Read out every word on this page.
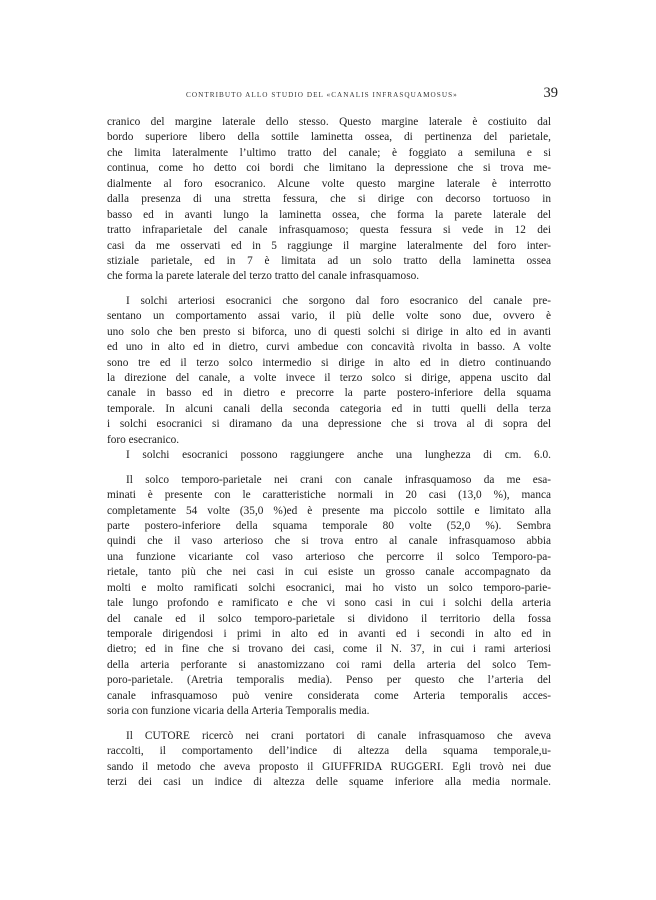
CONTRIBUTO ALLO STUDIO DEL «CANALIS INFRASQUAMOSUS»	39
cranico del margine laterale dello stesso. Questo margine laterale è costiuito dal
bordo superiore libero della sottile laminetta ossea, di pertinenza del parietale,
che limita lateralmente l’ultimo tratto del canale; è foggiato a semiluna e si
continua, come ho detto coi bordi che limitano la depressione che si trova me-
dialmente al foro esocranico. Alcune volte questo margine laterale è interrotto
dalla presenza di una stretta fessura, che si dirige con decorso tortuoso in
basso ed in avanti lungo la laminetta ossea, che forma la parete laterale del
tratto infraparietale del canale infrasquamoso; questa fessura si vede in 12 dei
casi da me osservati ed in 5 raggiunge il margine lateralmente del foro inter-
stiziale parietale, ed in 7 è limitata ad un solo tratto della laminetta ossea
che forma la parete laterale del terzo tratto del canale infrasquamoso.
I solchi arteriosi esocranici che sorgono dal foro esocranico del canale pre-
sentano un comportamento assai vario, il più delle volte sono due, ovvero è
uno solo che ben presto si biforca, uno di questi solchi si dirige in alto ed in avanti
ed uno in alto ed in dietro, curvi ambedue con concavità rivolta in basso. A volte
sono tre ed il terzo solco intermedio si dirige in alto ed in dietro continuando
la direzione del canale, a volte invece il terzo solco si dirige, appena uscito dal
canale in basso ed in dietro e precorre la parte postero-inferiore della squama
temporale. In alcuni canali della seconda categoria ed in tutti quelli della terza
i solchi esocranici si diramano da una depressione che si trova al di sopra del
foro esecranico.
I solchi esocranici possono raggiungere anche una lunghezza di cm. 6.0.
Il solco temporo-parietale nei crani con canale infrasquamoso da me esa-
minati è presente con le caratteristiche normali in 20 casi (13,0 %), manca
completamente 54 volte (35,0 %)ed è presente ma piccolo sottile e limitato alla
parte postero-inferiore della squama temporale 80 volte (52,0 %). Sembra
quindi che il vaso arterioso che si trova entro al canale infrasquamoso abbia
una funzione vicariante col vaso arterioso che percorre il solco Temporo-pa-
rietale, tanto più che nei casi in cui esiste un grosso canale accompagnato da
molti e molto ramificati solchi esocranici, mai ho visto un solco temporo-parie-
tale lungo profondo e ramificato e che vi sono casi in cui i solchi della arteria
del canale ed il solco temporo-parietale si dividono il territorio della fossa
temporale dirigendosi i primi in alto ed in avanti ed i secondi in alto ed in
dietro; ed in fine che si trovano dei casi, come il N. 37, in cui i rami arteriosi
della arteria perforante si anastomizzano coi rami della arteria del solco Tem-
poro-parietale. (Aretria temporalis media). Penso per questo che l’arteria del
canale infrasquamoso può venire considerata come Arteria temporalis acces-
soria con funzione vicaria della Arteria Temporalis media.
Il CUTORE ricercò nei crani portatori di canale infrasquamoso che aveva
raccolti, il comportamento dell’indice di altezza della squama temporale,u-
sando il metodo che aveva proposto il GIUFFRIDA RUGGERI. Egli trovò nei due
terzi dei casi un indice di altezza delle squame inferiore alla media normale.
